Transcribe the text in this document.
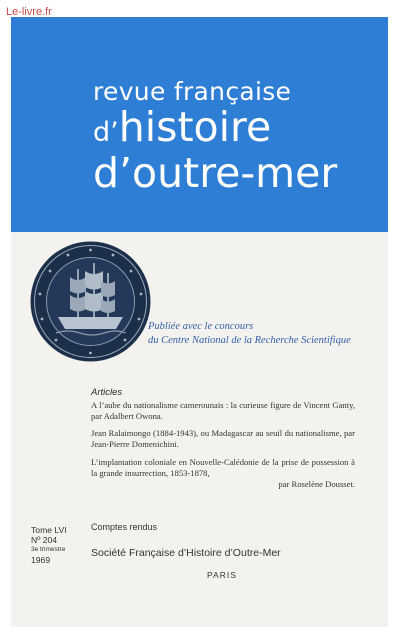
Le-livre.fr
revue française
d’histoire
d’outre-mer
Publiée avec le concours
du Centre National de la Recherche Scientifique
Articles
A l’aube du nationalisme camerounais : la curieuse figure de Vincent Ganty, par Adalbert Owona.
Jean Ralaimongo (1884-1943), ou Madagascar au seuil du nationalisme, par Jean-Pierre Domenichini.
L’implantation coloniale en Nouvelle-Calédonie de la prise de possession à la grande insurrection, 1853-1878,
par Roselène Dousset.
Tome LVI
Nº 204
3e trimestre
1969
Comptes rendus
Société Française d’Histoire d’Outre-Mer
PARIS
